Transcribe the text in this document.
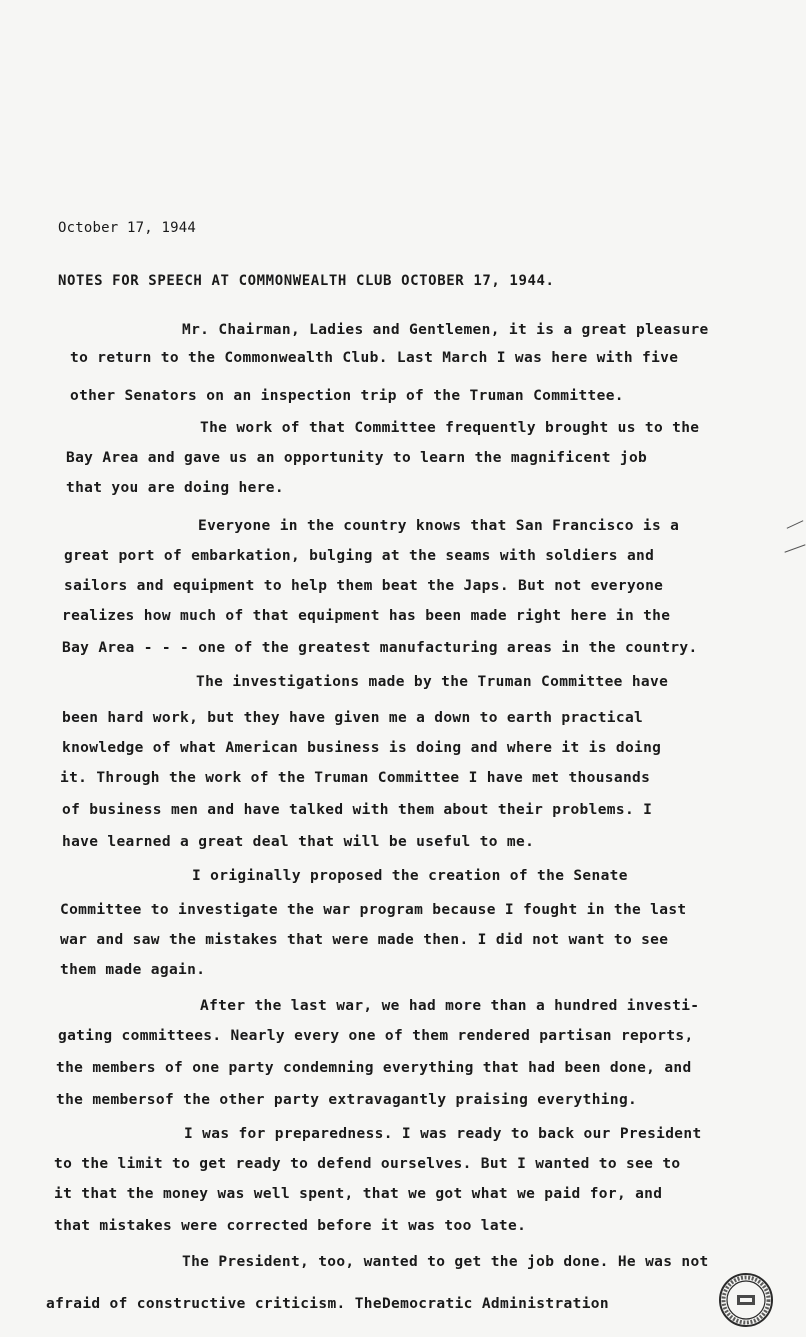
October 17, 1944
NOTES FOR SPEECH AT COMMONWEALTH CLUB OCTOBER 17, 1944.
Mr. Chairman, Ladies and Gentlemen, it is a great pleasure
to return to the Commonwealth Club. Last March I was here with five
other Senators on an inspection trip of the Truman Committee.
The work of that Committee frequently brought us to the
Bay Area and gave us an opportunity to learn the magnificent job
that you are doing here.
Everyone in the country knows that San Francisco is a
great port of embarkation, bulging at the seams with soldiers and
sailors and equipment to help them beat the Japs. But not everyone
realizes how much of that equipment has been made right here in the
Bay Area - - - one of the greatest manufacturing areas in the country.
The investigations made by the Truman Committee have
been hard work, but they have given me a down to earth practical
knowledge of what American business is doing and where it is doing
it. Through the work of the Truman Committee I have met thousands
of business men and have talked with them about their problems. I
have learned a great deal that will be useful to me.
I originally proposed the creation of the Senate
Committee to investigate the war program because I fought in the last
war and saw the mistakes that were made then. I did not want to see
them made again.
After the last war, we had more than a hundred investi-
gating committees. Nearly every one of them rendered partisan reports,
the members of one party condemning everything that had been done, and
the membersof the other party extravagantly praising everything.
I was for preparedness. I was ready to back our President
to the limit to get ready to defend ourselves. But I wanted to see to
it that the money was well spent, that we got what we paid for, and
that mistakes were corrected before it was too late.
The President, too, wanted to get the job done. He was not
afraid of constructive criticism. TheDemocratic Administration
